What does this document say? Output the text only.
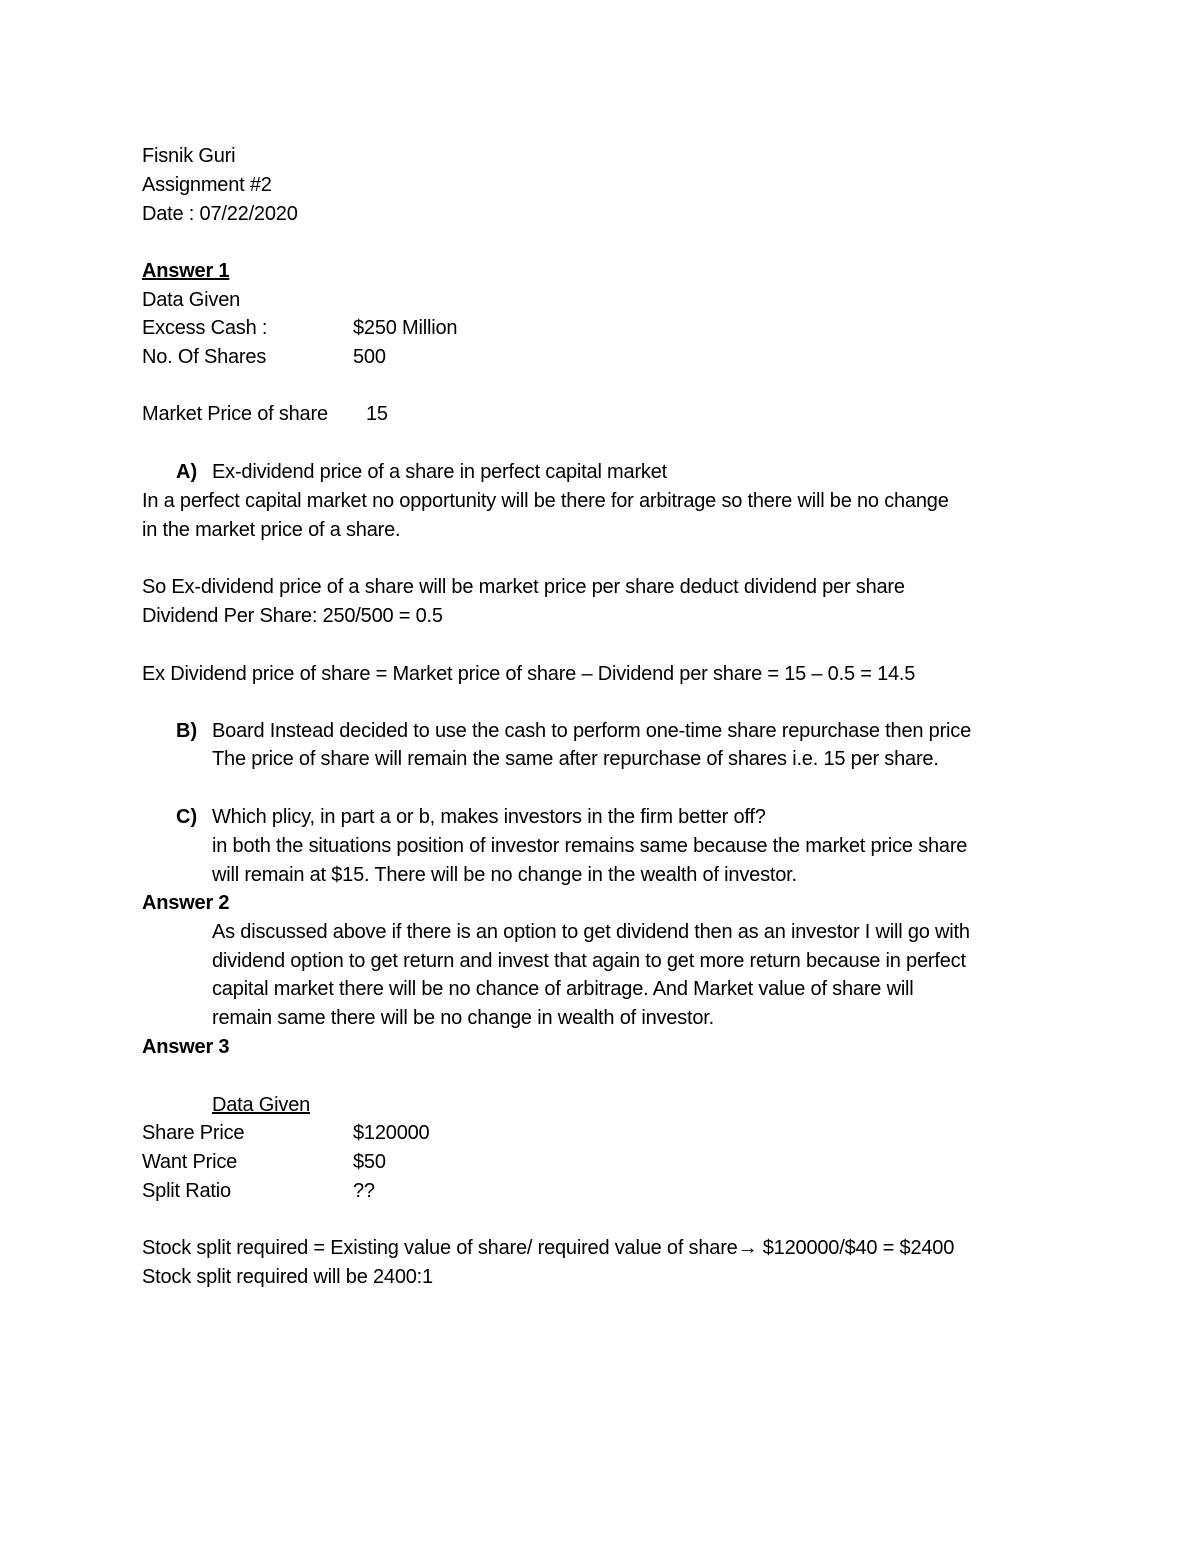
Fisnik Guri
Assignment #2
Date : 07/22/2020
Answer 1
Data Given
Excess Cash :	$250 Million
No. Of Shares	500
Market Price of share 15
A) Ex-dividend price of a share in perfect capital market
In a perfect capital market no opportunity will be there for arbitrage so there will be no change
in the market price of a share.
So Ex-dividend price of a share will be market price per share deduct dividend per share
Dividend Per Share: 250/500 = 0.5
Ex Dividend price of share = Market price of share – Dividend per share = 15 – 0.5 = 14.5
B) Board Instead decided to use the cash to perform one-time share repurchase then price
The price of share will remain the same after repurchase of shares i.e. 15 per share.
C) Which plicy, in part a or b, makes investors in the firm better off?
in both the situations position of investor remains same because the market price share
will remain at $15. There will be no change in the wealth of investor.
Answer 2
As discussed above if there is an option to get dividend then as an investor I will go with
dividend option to get return and invest that again to get more return because in perfect
capital market there will be no chance of arbitrage. And Market value of share will
remain same there will be no change in wealth of investor.
Answer 3
Data Given
Share Price	$120000
Want Price	$50
Split Ratio	??
Stock split required = Existing value of share/ required value of share→ $120000/$40 = $2400
Stock split required will be 2400:1
